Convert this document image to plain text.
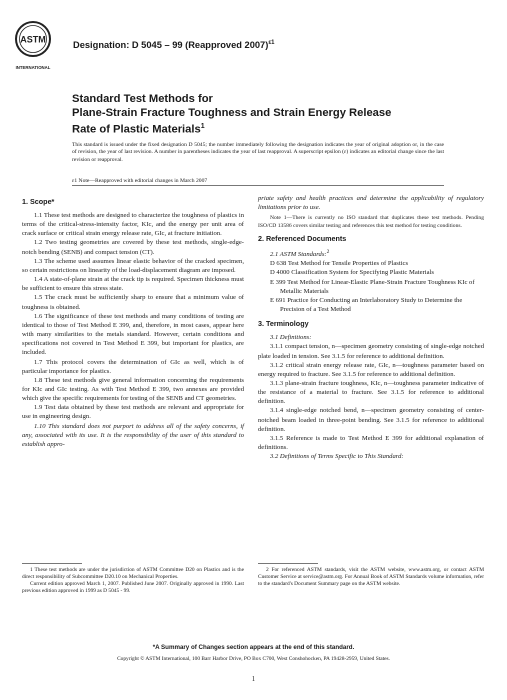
ASTM
INTERNATIONAL
Designation: D 5045 – 99 (Reapproved 2007)$^{\varepsilon 1}$
Standard Test Methods for
Plane-Strain Fracture Toughness and Strain Energy Release
Rate of Plastic Materials$^1$
This standard is issued under the fixed designation D 5045; the number immediately following the designation indicates the year of original adoption or, in the case of revision, the year of last revision. A number in parentheses indicates the year of last reapproval. A superscript epsilon (ε) indicates an editorial change since the last revision or reapproval.
ε1 Note—Reapproved with editorial changes in March 2007
1. Scope*

1.1 These test methods are designed to characterize the toughness of plastics in terms of the critical-stress-intensity factor, KIc, and the energy per unit area of crack surface or critical strain energy release rate, GIc, at fracture initiation.

1.2 Two testing geometries are covered by these test methods, single-edge-notch bending (SENB) and compact tension (CT).

1.3 The scheme used assumes linear elastic behavior of the cracked specimen, so certain restrictions on linearity of the load-displacement diagram are imposed.

1.4 A state-of-plane strain at the crack tip is required. Specimen thickness must be sufficient to ensure this stress state.

1.5 The crack must be sufficiently sharp to ensure that a minimum value of toughness is obtained.

1.6 The significance of these test methods and many conditions of testing are identical to those of Test Method E 399, and, therefore, in most cases, appear here with many similarities to the metals standard. However, certain conditions and specifications not covered in Test Method E 399, but important for plastics, are included.

1.7 This protocol covers the determination of GIc as well, which is of particular importance for plastics.

1.8 These test methods give general information concerning the requirements for KIc and GIc testing. As with Test Method E 399, two annexes are provided which give the specific requirements for testing of the SENB and CT geometries.

1.9 Test data obtained by these test methods are relevant and appropriate for use in engineering design.

1.10 This standard does not purport to address all of the safety concerns, if any, associated with its use. It is the responsibility of the user of this standard to establish appro-

priate safety and health practices and determine the applicability of regulatory limitations prior to use.

Note 1—There is currently no ISO standard that duplicates these test methods. Pending ISO/CD 13586 covers similar testing and references this test method for testing conditions.
2. Referenced Documents

2.1 ASTM Standards:$^2$

D 638 Test Method for Tensile Properties of Plastics
D 4000 Classification System for Specifying Plastic Materials
E 399 Test Method for Linear-Elastic Plane-Strain Fracture Toughness KIc of Metallic Materials
E 691 Practice for Conducting an Interlaboratory Study to Determine the Precision of a Test Method
3. Terminology

3.1 Definitions:

3.1.1 compact tension, n—specimen geometry consisting of single-edge notched plate loaded in tension. See 3.1.5 for reference to additional definition.

3.1.2 critical strain energy release rate, GIc, n—toughness parameter based on energy required to fracture. See 3.1.5 for reference to additional definition.

3.1.3 plane-strain fracture toughness, KIc, n—toughness parameter indicative of the resistance of a material to fracture. See 3.1.5 for reference to additional definition.

3.1.4 single-edge notched bend, n—specimen geometry consisting of center-notched beam loaded in three-point bending. See 3.1.5 for reference to additional definition.

3.1.5 Reference is made to Test Method E 399 for additional explanation of definitions.

3.2 Definitions of Terms Specific to This Standard:

1 These test methods are under the jurisdiction of ASTM Committee D20 on Plastics and is the direct responsibility of Subcommittee D20.10 on Mechanical Properties.

Current edition approved March 1, 2007. Published June 2007. Originally approved in 1990. Last previous edition approved in 1999 as D 5045 - 99.

2 For referenced ASTM standards, visit the ASTM website, www.astm.org, or contact ASTM Customer Service at service@astm.org. For Annual Book of ASTM Standards volume information, refer to the standard's Document Summary page on the ASTM website.

*A Summary of Changes section appears at the end of this standard.
Copyright © ASTM International, 100 Barr Harbor Drive, PO Box C700, West Conshohocken, PA 19428-2959, United States.
1
